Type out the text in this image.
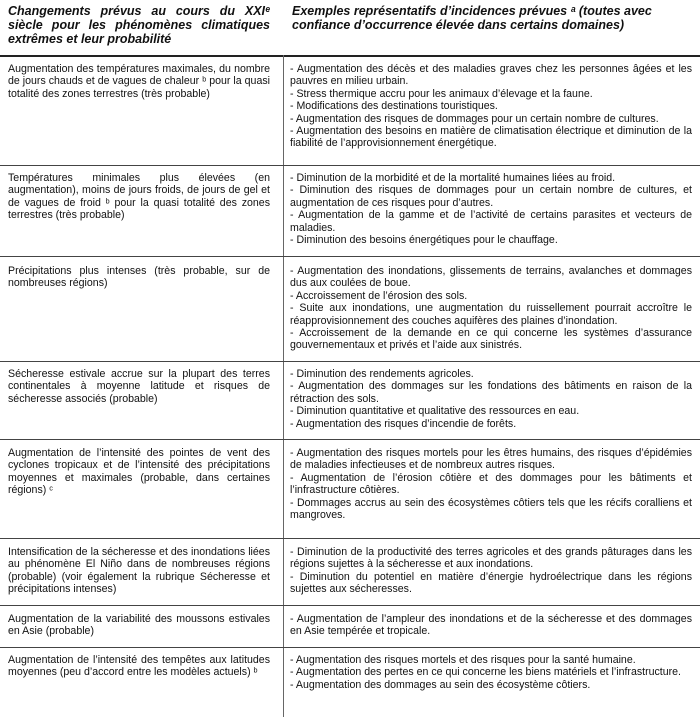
Changements prévus au cours du XXIᵉ siècle pour les phénomènes climatiques extrêmes et leur probabilité
Exemples représentatifs d’incidences prévues ᵃ (toutes avec confiance d’occurrence élevée dans certains domaines)
Augmentation des températures maximales, du nombre de jours chauds et de vagues de chaleur ᵇ pour la quasi totalité des zones terrestres (très probable)
- Augmentation des décès et des maladies graves chez les personnes âgées et les pauvres en milieu urbain.
- Stress thermique accru pour les animaux d’élevage et la faune.
- Modifications des destinations touristiques.
- Augmentation des risques de dommages pour un certain nombre de cultures.
- Augmentation des besoins en matière de climatisation électrique et diminution de la fiabilité de l’approvisionnement énergétique.
Températures minimales plus élevées (en augmentation), moins de jours froids, de jours de gel et de vagues de froid ᵇ pour la quasi totalité des zones terrestres (très probable)
- Diminution de la morbidité et de la mortalité humaines liées au froid.
- Diminution des risques de dommages pour un certain nombre de cultures, et augmentation de ces risques pour d’autres.
- Augmentation de la gamme et de l’activité de certains parasites et vecteurs de maladies.
- Diminution des besoins énergétiques pour le chauffage.
Précipitations plus intenses (très probable, sur de nombreuses régions)
- Augmentation des inondations, glissements de terrains, avalanches et dommages dus aux coulées de boue.
- Accroissement de l’érosion des sols.
- Suite aux inondations, une augmentation du ruissellement pourrait accroître le réapprovisionnement des couches aquifères des plaines d’inondation.
- Accroissement de la demande en ce qui concerne les systèmes d’assurance gouvernementaux et privés et l’aide aux sinistrés.
Sécheresse estivale accrue sur la plupart des terres continentales à moyenne latitude et risques de sécheresse associés (probable)
- Diminution des rendements agricoles.
- Augmentation des dommages sur les fondations des bâtiments en raison de la rétraction des sols.
- Diminution quantitative et qualitative des ressources en eau.
- Augmentation des risques d’incendie de forêts.
Augmentation de l’intensité des pointes de vent des cyclones tropicaux et de l’intensité des précipitations moyennes et maximales (probable, dans certaines régions) ᶜ
- Augmentation des risques mortels pour les êtres humains, des risques d’épidémies de maladies infectieuses et de nombreux autres risques.
- Augmentation de l’érosion côtière et des dommages pour les bâtiments et l’infrastructure côtières.
- Dommages accrus au sein des écosystèmes côtiers tels que les récifs coralliens et mangroves.
Intensification de la sécheresse et des inondations liées au phénomène El Niño dans de nombreuses régions (probable) (voir également la rubrique Sécheresse et précipitations intenses)
- Diminution de la productivité des terres agricoles et des grands pâturages dans les régions sujettes à la sécheresse et aux inondations.
- Diminution du potentiel en matière d’énergie hydroélectrique dans les régions sujettes aux sécheresses.
Augmentation de la variabilité des moussons estivales en Asie (probable)
- Augmentation de l’ampleur des inondations et de la sécheresse et des dommages en Asie tempérée et tropicale.
Augmentation de l’intensité des tempêtes aux latitudes moyennes (peu d’accord entre les modèles actuels) ᵇ
- Augmentation des risques mortels et des risques pour la santé humaine.
- Augmentation des pertes en ce qui concerne les biens matériels et l’infrastructure.
- Augmentation des dommages au sein des écosystème côtiers.
